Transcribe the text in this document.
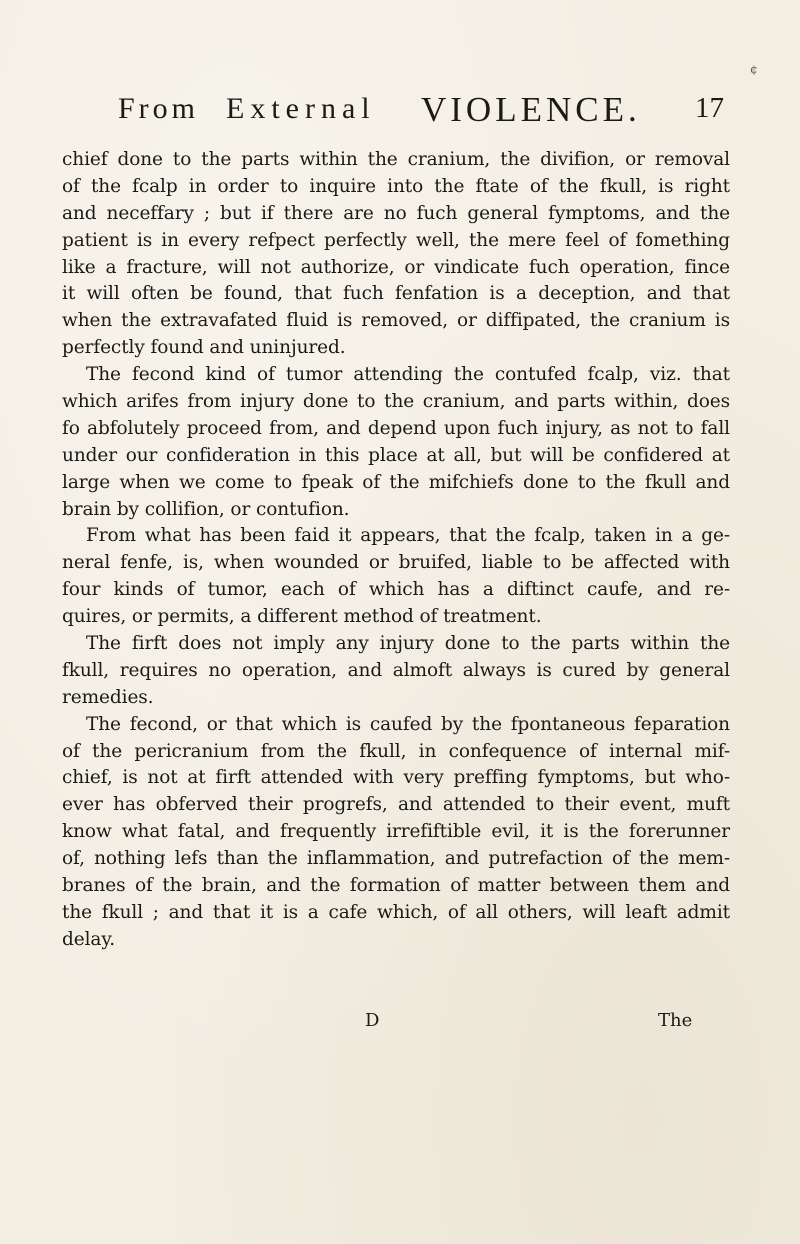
¢
From External VIOLENCE. 17
chief done to the parts within the cranium, the divifion, or removal
of the fcalp in order to inquire into the ftate of the fkull, is right
and neceffary ; but if there are no fuch general fymptoms, and the
patient is in every refpect perfectly well, the mere feel of fomething
like a fracture, will not authorize, or vindicate fuch operation, fince
it will often be found, that fuch fenfation is a deception, and that
when the extravafated fluid is removed, or diffipated, the cranium is
perfectly found and uninjured.
The fecond kind of tumor attending the contufed fcalp, viz. that
which arifes from injury done to the cranium, and parts within, does
fo abfolutely proceed from, and depend upon fuch injury, as not to fall
under our confideration in this place at all, but will be confidered at
large when we come to fpeak of the mifchiefs done to the fkull and
brain by collifion, or contufion.
From what has been faid it appears, that the fcalp, taken in a ge-
neral fenfe, is, when wounded or bruifed, liable to be affected with
four kinds of tumor, each of which has a diftinct caufe, and re-
quires, or permits, a different method of treatment.
The firft does not imply any injury done to the parts within the
fkull, requires no operation, and almoft always is cured by general
remedies.
The fecond, or that which is caufed by the fpontaneous feparation
of the pericranium from the fkull, in confequence of internal mif-
chief, is not at firft attended with very preffing fymptoms, but who-
ever has obferved their progrefs, and attended to their event, muft
know what fatal, and frequently irrefiftible evil, it is the forerunner
of, nothing lefs than the inflammation, and putrefaction of the mem-
branes of the brain, and the formation of matter between them and
the fkull ; and that it is a cafe which, of all others, will leaft admit
delay.
D	The
